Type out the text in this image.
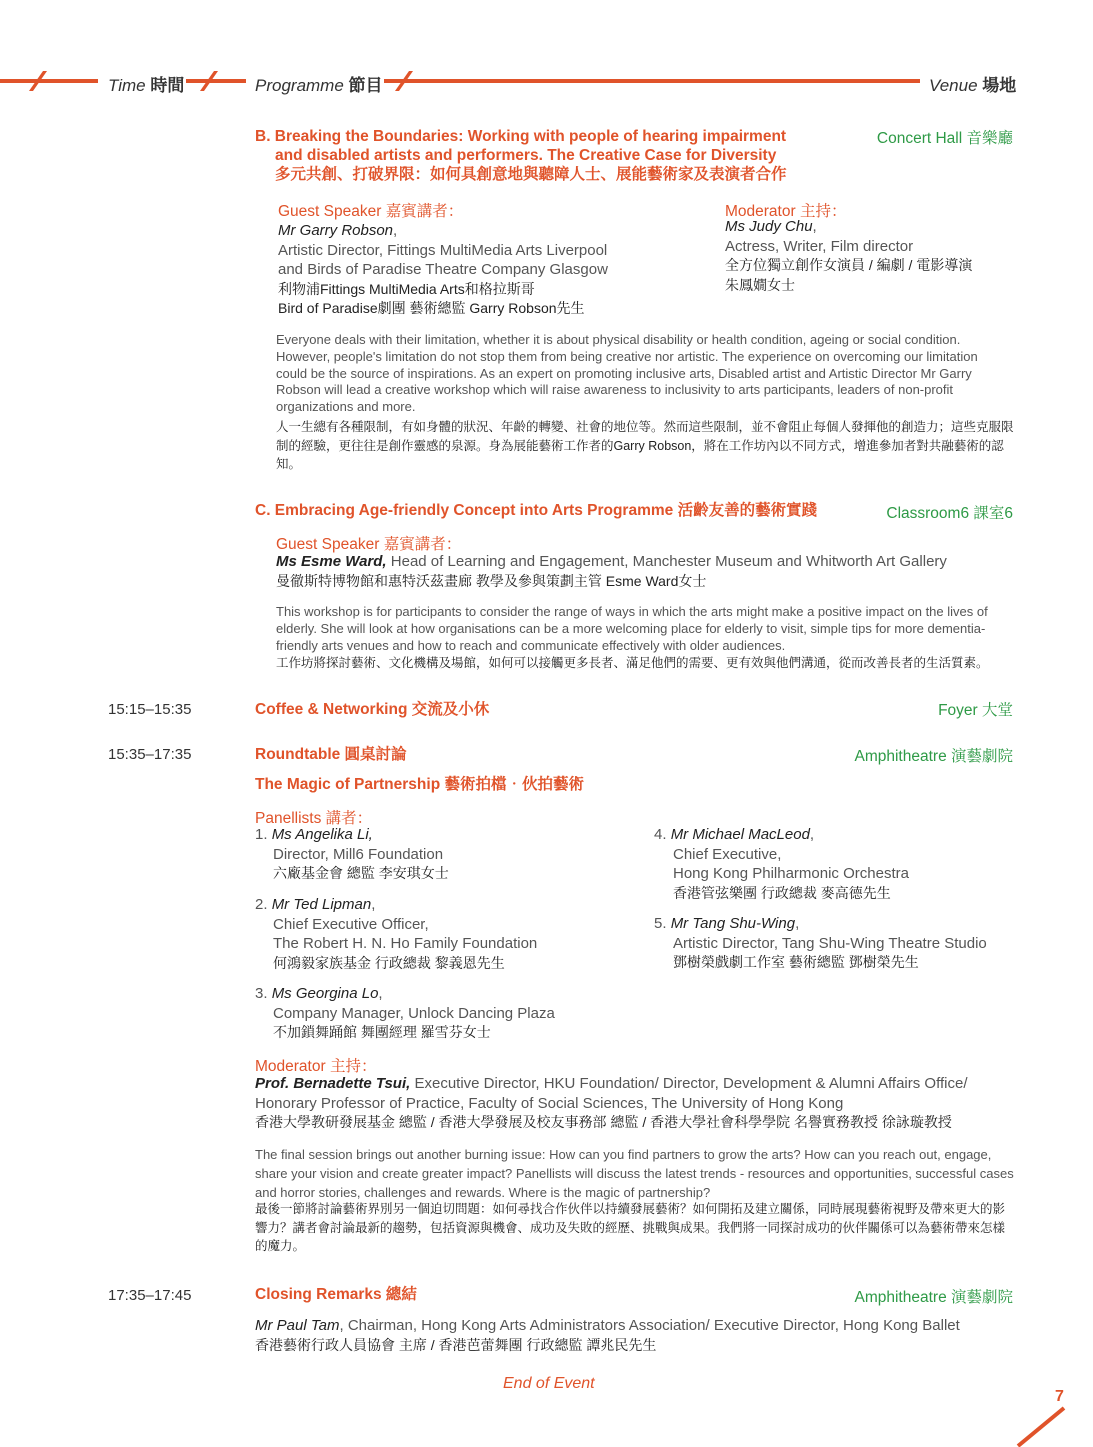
Time 時間	Programme 節目	Venue 場地
B. Breaking the Boundaries: Working with people of hearing impairment
and disabled artists and performers. The Creative Case for Diversity
多元共創、打破界限：如何具創意地與聽障人士、展能藝術家及表演者合作
Concert Hall 音樂廳
Guest Speaker 嘉賓講者：
Mr Garry Robson,
Artistic Director, Fittings MultiMedia Arts Liverpool
and Birds of Paradise Theatre Company Glasgow
利物浦Fittings MultiMedia Arts和格拉斯哥
Bird of Paradise劇團 藝術總監 Garry Robson先生
Moderator 主持：
Ms Judy Chu,
Actress, Writer, Film director
全方位獨立創作女演員 / 編劇 / 電影導演
朱鳳嫺女士
Everyone deals with their limitation, whether it is about physical disability or health condition, ageing or social condition. However, people's limitation do not stop them from being creative nor artistic. The experience on overcoming our limitation could be the source of inspirations. As an expert on promoting inclusive arts, Disabled artist and Artistic Director Mr Garry Robson will lead a creative workshop which will raise awareness to inclusivity to arts participants, leaders of non-profit organizations and more.
人一生總有各種限制，有如身體的狀況、年齡的轉變、社會的地位等。然而這些限制，並不會阻止每個人發揮他的創造力；這些克服限制的經驗，更往往是創作靈感的泉源。身為展能藝術工作者的Garry Robson，將在工作坊內以不同方式，增進參加者對共融藝術的認知。
C. Embracing Age-friendly Concept into Arts Programme 活齡友善的藝術實踐	Classroom6 課室6
Guest Speaker 嘉賓講者：
Ms Esme Ward, Head of Learning and Engagement, Manchester Museum and Whitworth Art Gallery
曼徹斯特博物館和惠特沃茲畫廊 教學及參與策劃主管 Esme Ward女士
This workshop is for participants to consider the range of ways in which the arts might make a positive impact on the lives of elderly. She will look at how organisations can be a more welcoming place for elderly to visit, simple tips for more dementia-friendly arts venues and how to reach and communicate effectively with older audiences.
工作坊將探討藝術、文化機構及場館，如何可以接觸更多長者、滿足他們的需要、更有效與他們溝通，從而改善長者的生活質素。
15:15–15:35	Coffee & Networking 交流及小休	Foyer 大堂
15:35–17:35	Roundtable 圓桌討論	Amphitheatre 演藝劇院
The Magic of Partnership 藝術拍檔‧伙拍藝術
Panellists 講者：
1. Ms Angelika Li,
Director, Mill6 Foundation
六廠基金會 總監 李安琪女士
2. Mr Ted Lipman,
Chief Executive Officer,
The Robert H. N. Ho Family Foundation
何鴻毅家族基金 行政總裁 黎義恩先生
3. Ms Georgina Lo,
Company Manager, Unlock Dancing Plaza
不加鎖舞踊館 舞團經理 羅雪芬女士
4. Mr Michael MacLeod,
Chief Executive,
Hong Kong Philharmonic Orchestra
香港管弦樂團 行政總裁 麥高德先生
5. Mr Tang Shu-Wing,
Artistic Director, Tang Shu-Wing Theatre Studio
鄧樹榮戲劇工作室 藝術總監 鄧樹榮先生
Moderator 主持：
Prof. Bernadette Tsui, Executive Director, HKU Foundation/ Director, Development & Alumni Affairs Office/
Honorary Professor of Practice, Faculty of Social Sciences, The University of Hong Kong
香港大學教研發展基金 總監 / 香港大學發展及校友事務部 總監 / 香港大學社會科學學院 名譽實務教授 徐詠璇教授
The final session brings out another burning issue: How can you find partners to grow the arts? How can you reach out, engage, share your vision and create greater impact? Panellists will discuss the latest trends - resources and opportunities, successful cases and horror stories, challenges and rewards. Where is the magic of partnership?
最後一節將討論藝術界別另一個迫切問題：如何尋找合作伙伴以持續發展藝術？如何開拓及建立關係，同時展現藝術視野及帶來更大的影響力？講者會討論最新的趨勢，包括資源與機會、成功及失敗的經歷、挑戰與成果。我們將一同探討成功的伙伴關係可以為藝術帶來怎樣的魔力。
17:35–17:45	Closing Remarks 總結	Amphitheatre 演藝劇院
Mr Paul Tam, Chairman, Hong Kong Arts Administrators Association/ Executive Director, Hong Kong Ballet
香港藝術行政人員協會 主席 / 香港芭蕾舞團 行政總監 譚兆民先生
End of Event
7
